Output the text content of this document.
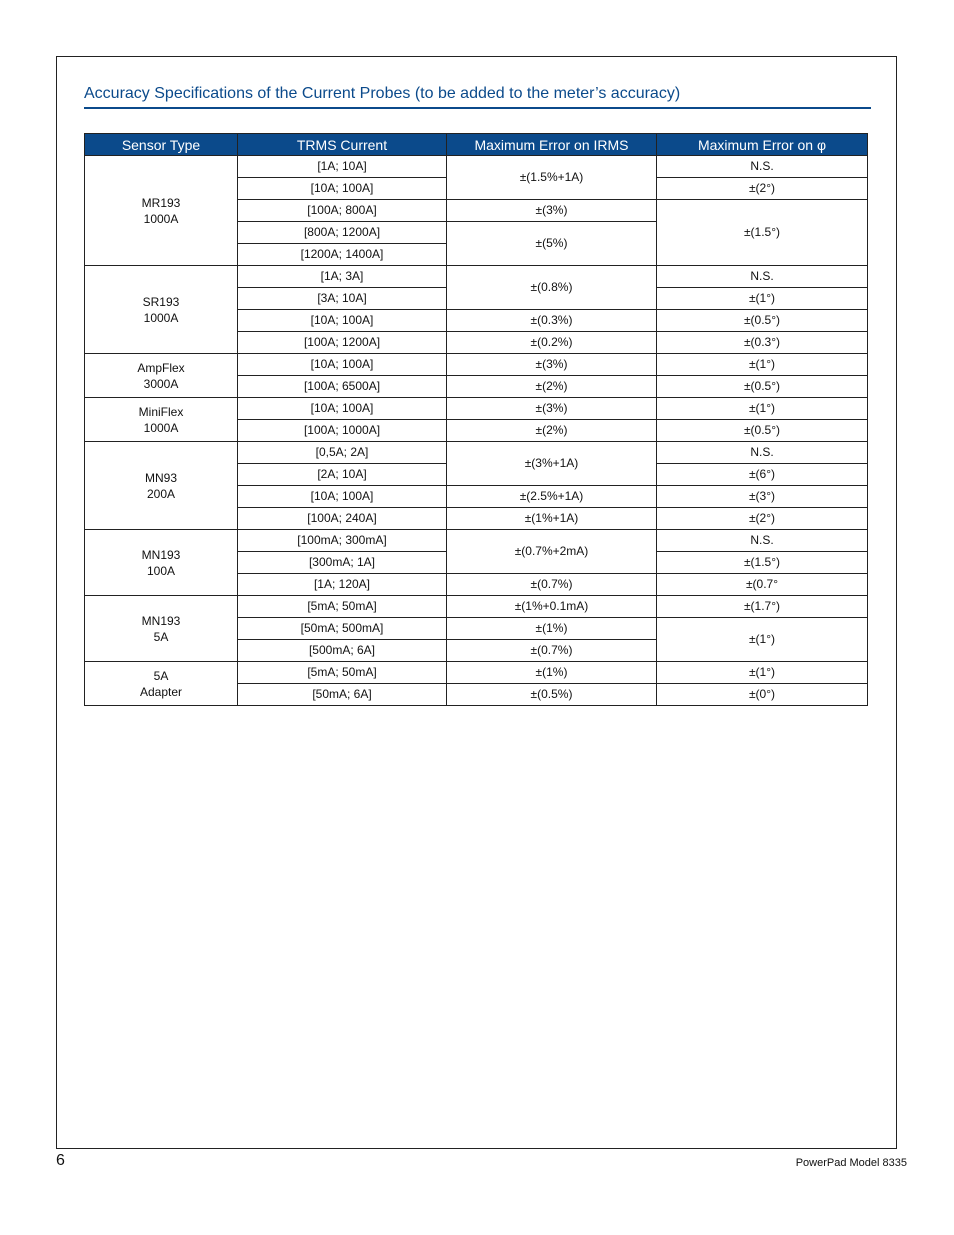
Accuracy Specifications of the Current Probes (to be added to the meter’s accuracy)
Sensor Type	TRMS Current	Maximum Error on IRMS	Maximum Error on φ
MR193
1000A	[1A; 10A]	±(1.5%+1A)	N.S.
	[10A; 100A]		±(2°)
	[100A; 800A]	±(3%)	±(1.5°)
	[800A; 1200A]	±(5%)	
	[1200A; 1400A]		
SR193
1000A	[1A; 3A]	±(0.8%)	N.S.
	[3A; 10A]		±(1°)
	[10A; 100A]	±(0.3%)	±(0.5°)
	[100A; 1200A]	±(0.2%)	±(0.3°)
AmpFlex
3000A	[10A; 100A]	±(3%)	±(1°)
	[100A; 6500A]	±(2%)	±(0.5°)
MiniFlex
1000A	[10A; 100A]	±(3%)	±(1°)
	[100A; 1000A]	±(2%)	±(0.5°)
MN93
200A	[0,5A; 2A]	±(3%+1A)	N.S.
	[2A; 10A]		±(6°)
	[10A; 100A]	±(2.5%+1A)	±(3°)
	[100A; 240A]	±(1%+1A)	±(2°)
MN193
100A	[100mA; 300mA]	±(0.7%+2mA)	N.S.
	[300mA; 1A]		±(1.5°)
	[1A; 120A]	±(0.7%)	±(0.7°
MN193
5A	[5mA; 50mA]	±(1%+0.1mA)	±(1.7°)
	[50mA; 500mA]	±(1%)	±(1°)
	[500mA; 6A]	±(0.7%)	
5A
Adapter	[5mA; 50mA]	±(1%)	±(1°)
	[50mA; 6A]	±(0.5%)	±(0°)
6	PowerPad Model 8335
